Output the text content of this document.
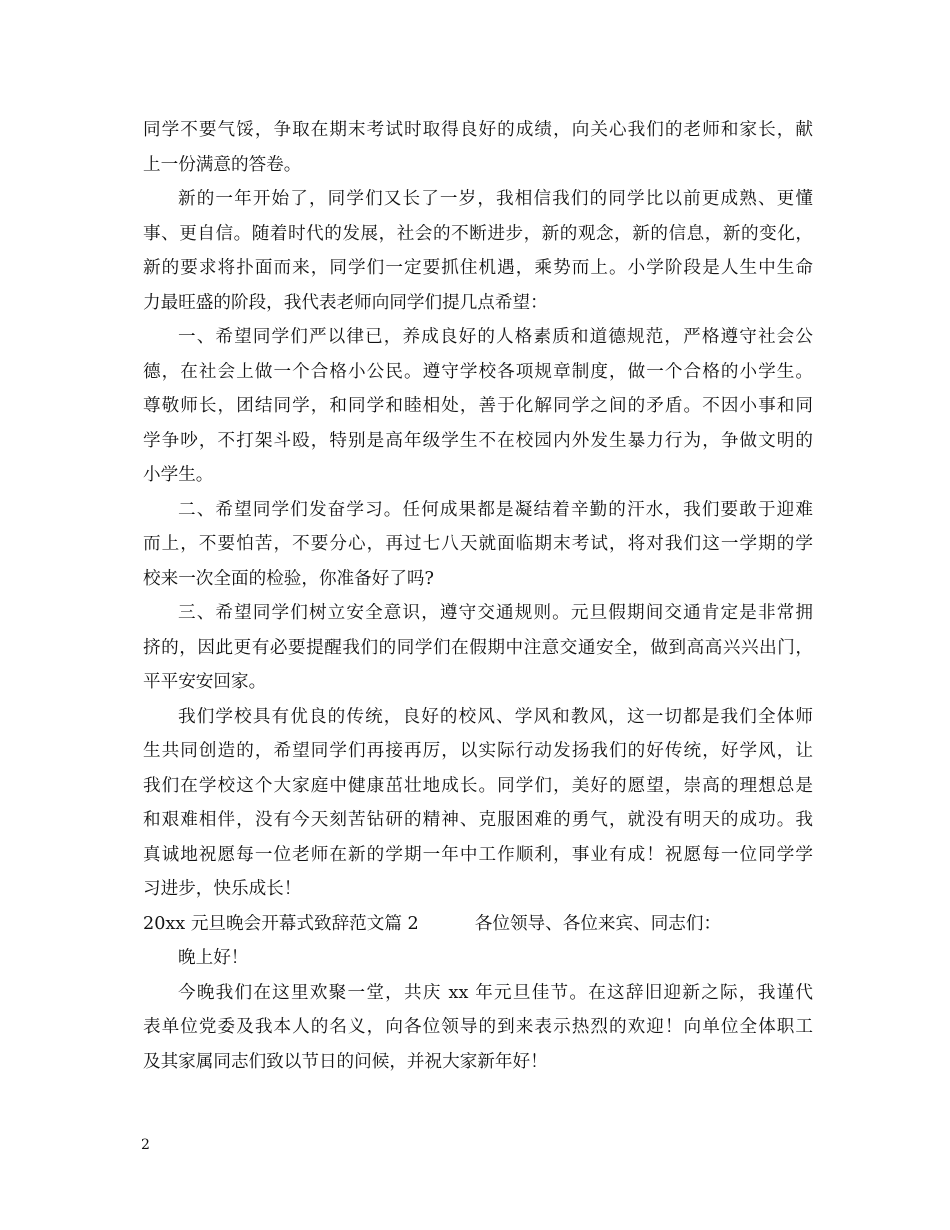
同学不要气馁，争取在期末考试时取得良好的成绩，向关心我们的老师和家长，献
上一份满意的答卷。
新的一年开始了，同学们又长了一岁，我相信我们的同学比以前更成熟、更懂
事、更自信。随着时代的发展，社会的不断进步，新的观念，新的信息，新的变化，
新的要求将扑面而来，同学们一定要抓住机遇，乘势而上。小学阶段是人生中生命
力最旺盛的阶段，我代表老师向同学们提几点希望：
一、希望同学们严以律已，养成良好的人格素质和道德规范，严格遵守社会公
德，在社会上做一个合格小公民。遵守学校各项规章制度，做一个合格的小学生。
尊敬师长，团结同学，和同学和睦相处，善于化解同学之间的矛盾。不因小事和同
学争吵，不打架斗殴，特别是高年级学生不在校园内外发生暴力行为，争做文明的
小学生。
二、希望同学们发奋学习。任何成果都是凝结着辛勤的汗水，我们要敢于迎难
而上，不要怕苦，不要分心，再过七八天就面临期末考试，将对我们这一学期的学
校来一次全面的检验，你准备好了吗?
三、希望同学们树立安全意识，遵守交通规则。元旦假期间交通肯定是非常拥
挤的，因此更有必要提醒我们的同学们在假期中注意交通安全，做到高高兴兴出门，
平平安安回家。
我们学校具有优良的传统，良好的校风、学风和教风，这一切都是我们全体师
生共同创造的，希望同学们再接再厉，以实际行动发扬我们的好传统，好学风，让
我们在学校这个大家庭中健康茁壮地成长。同学们，美好的愿望，崇高的理想总是
和艰难相伴，没有今天刻苦钻研的精神、克服困难的勇气，就没有明天的成功。我
真诚地祝愿每一位老师在新的学期一年中工作顺利，事业有成！祝愿每一位同学学
习进步，快乐成长！
20xx 元旦晚会开幕式致辞范文篇 2	各位领导、各位来宾、同志们：
晚上好！
今晚我们在这里欢聚一堂，共庆 xx 年元旦佳节。在这辞旧迎新之际，我谨代
表单位党委及我本人的名义，向各位领导的到来表示热烈的欢迎！向单位全体职工
及其家属同志们致以节日的问候，并祝大家新年好！
2
